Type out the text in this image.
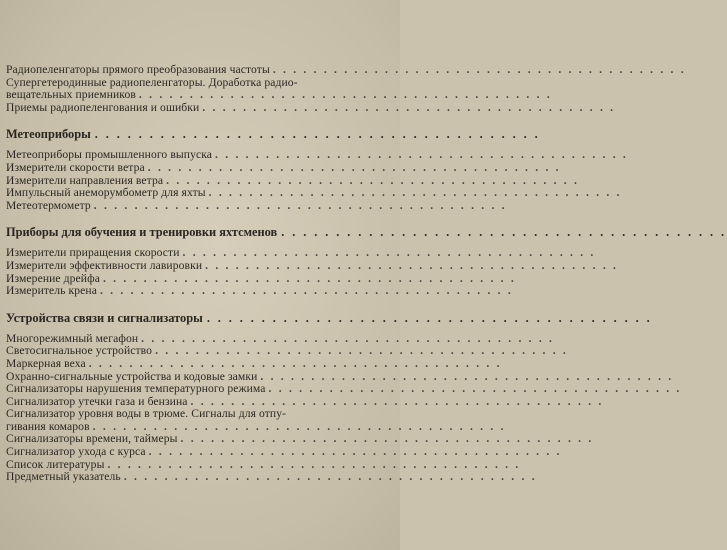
Радиопеленгаторы прямого преобразования частоты . . . . . . . . . . . . . . . . . . . . . . . . . . . . . . . . . . . . . . . . .
Супергетеродинные радиопеленгаторы. Доработка радио-
вещательных приемников . . . . . . . . . . . . . . . . . . . . . . . . . . . . . . . . . . . . . . . . .
Приемы радиопеленгования и ошибки . . . . . . . . . . . . . . . . . . . . . . . . . . . . . . . . . . . . . . . . .
Метеоприборы . . . . . . . . . . . . . . . . . . . . . . . . . . . . . . . . . . . . . . . . .
Метеоприборы промышленного выпуска . . . . . . . . . . . . . . . . . . . . . . . . . . . . . . . . . . . . . . . . .
Измерители скорости ветра . . . . . . . . . . . . . . . . . . . . . . . . . . . . . . . . . . . . . . . . .
Измерители направления ветра . . . . . . . . . . . . . . . . . . . . . . . . . . . . . . . . . . . . . . . . .
Импульсный анеморумбометр для яхты . . . . . . . . . . . . . . . . . . . . . . . . . . . . . . . . . . . . . . . . .
Метеотермометр . . . . . . . . . . . . . . . . . . . . . . . . . . . . . . . . . . . . . . . . .
Приборы для обучения и тренировки яхтсменов . . . . . . . . . . . . . . . . . . . . . . . . . . . . . . . . . . . . . . . . .
Измерители приращения скорости . . . . . . . . . . . . . . . . . . . . . . . . . . . . . . . . . . . . . . . . .
Измерители эффективности лавировки . . . . . . . . . . . . . . . . . . . . . . . . . . . . . . . . . . . . . . . . .
Измерение дрейфа . . . . . . . . . . . . . . . . . . . . . . . . . . . . . . . . . . . . . . . . .
Измеритель крена . . . . . . . . . . . . . . . . . . . . . . . . . . . . . . . . . . . . . . . . .
Устройства связи и сигнализаторы . . . . . . . . . . . . . . . . . . . . . . . . . . . . . . . . . . . . . . . . .
Многорежимный мегафон . . . . . . . . . . . . . . . . . . . . . . . . . . . . . . . . . . . . . . . . .
Светосигнальное устройство . . . . . . . . . . . . . . . . . . . . . . . . . . . . . . . . . . . . . . . . .
Маркерная веха . . . . . . . . . . . . . . . . . . . . . . . . . . . . . . . . . . . . . . . . .
Охранно-сигнальные устройства и кодовые замки . . . . . . . . . . . . . . . . . . . . . . . . . . . . . . . . . . . . . . . . .
Сигнализаторы нарушения температурного режима . . . . . . . . . . . . . . . . . . . . . . . . . . . . . . . . . . . . . . . . .
Сигнализатор утечки газа и бензина . . . . . . . . . . . . . . . . . . . . . . . . . . . . . . . . . . . . . . . . .
Сигнализатор уровня воды в трюме. Сигналы для отпу-
гивания комаров . . . . . . . . . . . . . . . . . . . . . . . . . . . . . . . . . . . . . . . . .
Сигнализаторы времени, таймеры . . . . . . . . . . . . . . . . . . . . . . . . . . . . . . . . . . . . . . . . .
Сигнализатор ухода с курса . . . . . . . . . . . . . . . . . . . . . . . . . . . . . . . . . . . . . . . . .
Список литературы . . . . . . . . . . . . . . . . . . . . . . . . . . . . . . . . . . . . . . . . .
Предметный указатель . . . . . . . . . . . . . . . . . . . . . . . . . . . . . . . . . . . . . . . . .
